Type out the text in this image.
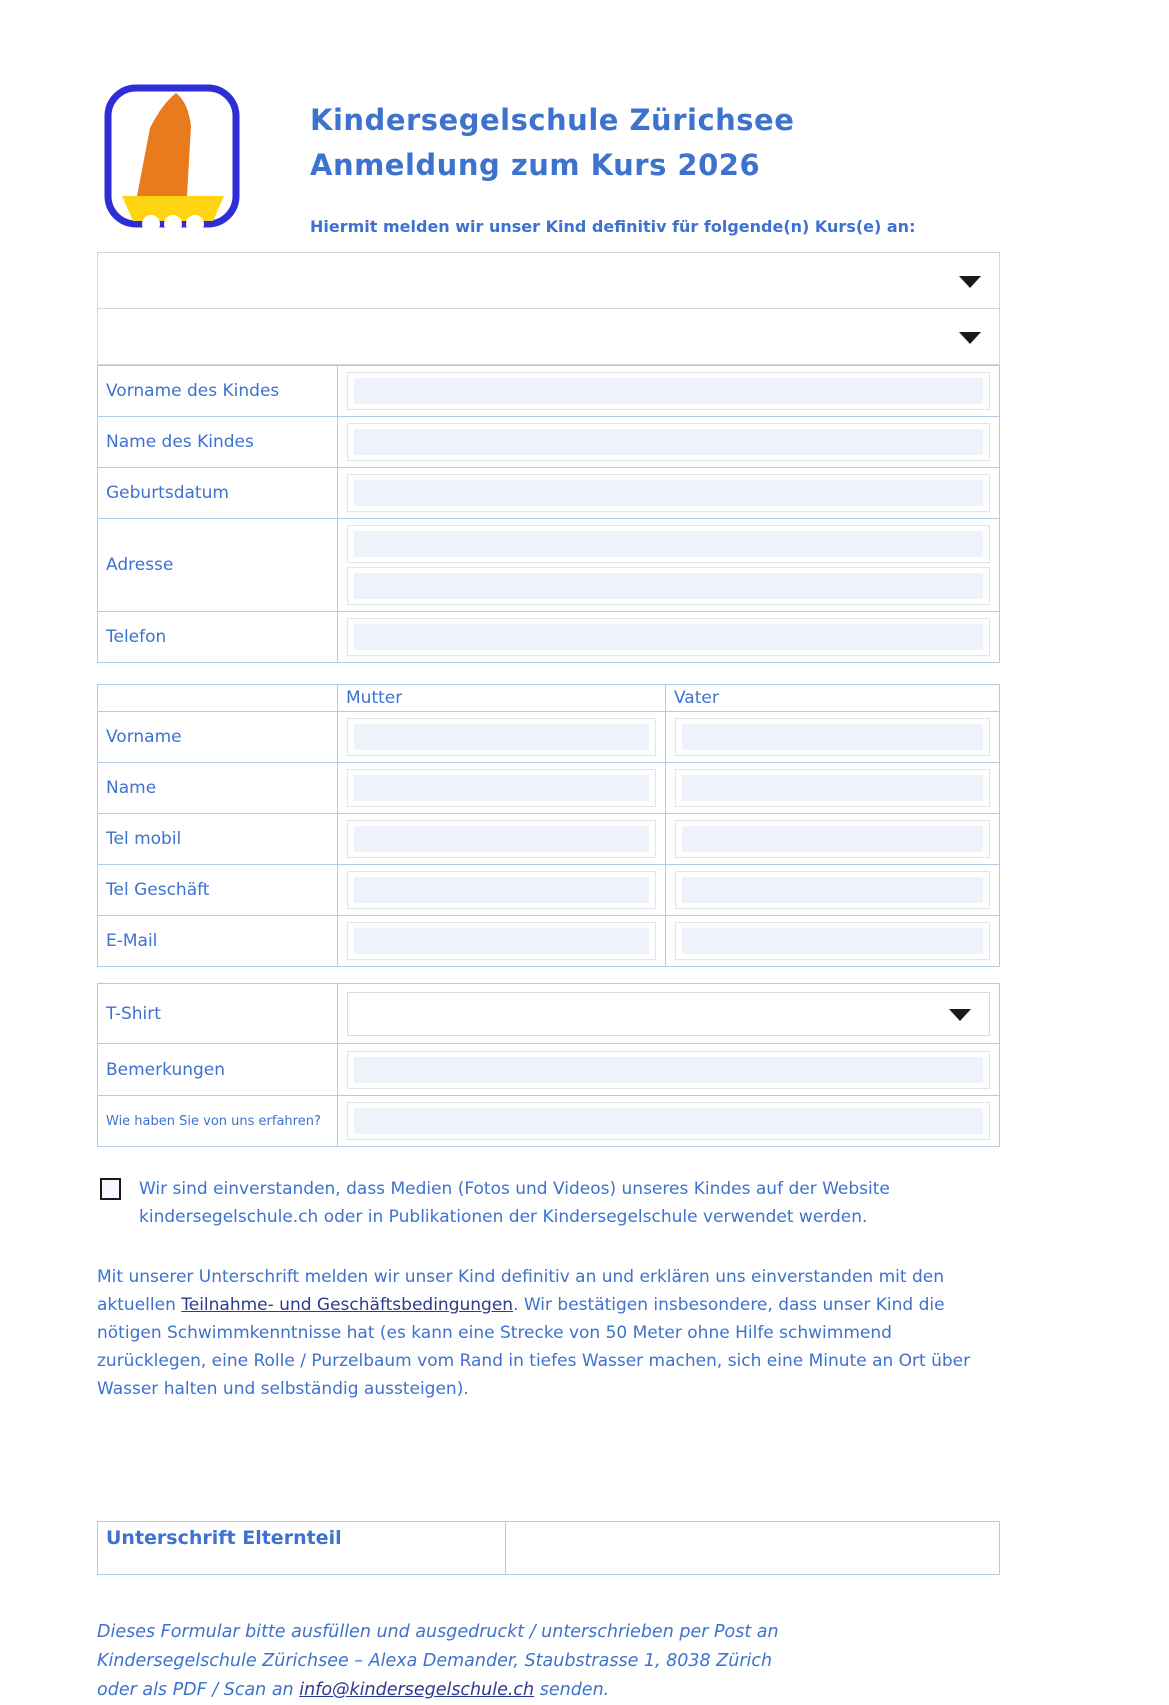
Kindersegelschule Zürichsee
Anmeldung zum Kurs 2026
Hiermit melden wir unser Kind definitiv für folgende(n) Kurs(e) an:
Vorname des Kindes	

Name des Kindes	

Geburtsdatum	

Adresse	

Telefon	
	Mutter	Vater
Vorname	

Name	

Tel mobil	

Tel Geschäft	

E-Mail	

T-Shirt	

Bemerkungen	

Wie haben Sie von uns erfahren?	
Wir sind einverstanden, dass Medien (Fotos und Videos) unseres Kindes auf der Website kindersegelschule.ch oder in Publikationen der Kindersegelschule verwendet werden.
Mit unserer Unterschrift melden wir unser Kind definitiv an und erklären uns einverstanden mit den aktuellen Teilnahme- und Geschäftsbedingungen. Wir bestätigen insbesondere, dass unser Kind die nötigen Schwimmkenntnisse hat (es kann eine Strecke von 50 Meter ohne Hilfe schwimmend zurücklegen, eine Rolle / Purzelbaum vom Rand in tiefes Wasser machen, sich eine Minute an Ort über Wasser halten und selbständig aussteigen).
Unterschrift Elternteil	
Dieses Formular bitte ausfüllen und ausgedruckt / unterschrieben per Post an
Kindersegelschule Zürichsee – Alexa Demander, Staubstrasse 1, 8038 Zürich
oder als PDF / Scan an info@kindersegelschule.ch senden.
